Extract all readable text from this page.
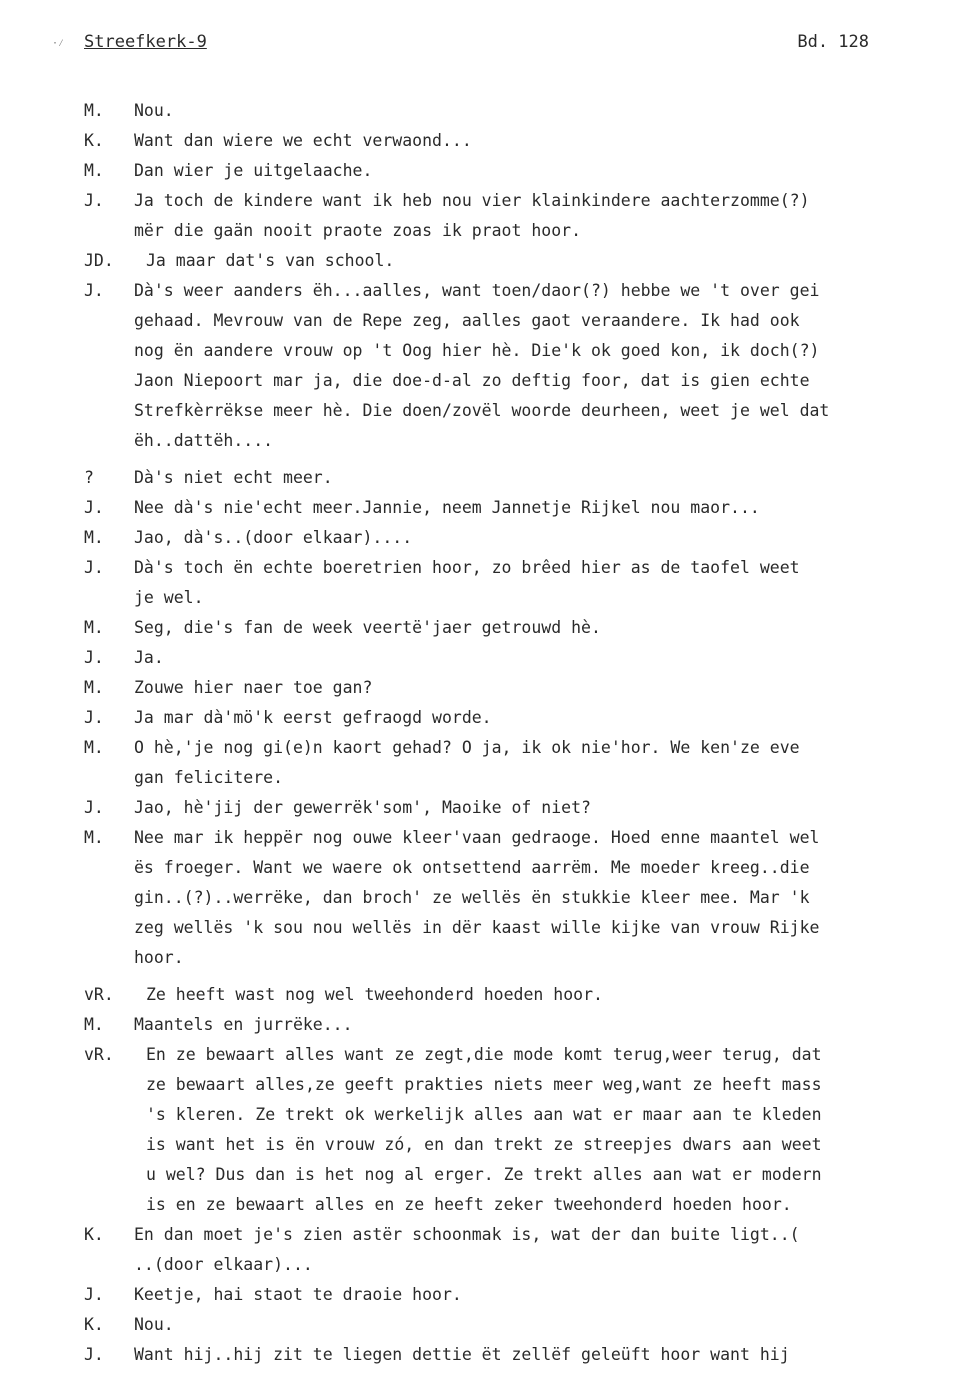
·⁄ Streefkerk-9	Bd. 128
M. Nou.
K. Want dan wiere we echt verwaond...
M. Dan wier je uitgelaache.
J. Ja toch de kindere want ik heb nou vier klainkindere aachterzomme(?)
mër die gaän nooit praote zoas ik praot hoor.
JD. Ja maar dat's van school.
J. Dà's weer aanders ëh...aalles, want toen/daor(?) hebbe we 't over gei
gehaad. Mevrouw van de Repe zeg, aalles gaot veraandere. Ik had ook
nog ën aandere vrouw op 't Oog hier hè. Die'k ok goed kon, ik doch(?)
Jaon Niepoort mar ja, die doe-d-al zo deftig foor, dat is gien echte
Strefkèrrëkse meer hè. Die doen/zovël woorde deurheen, weet je wel dat
ëh..dattëh....
? Dà's niet echt meer.
J. Nee dà's nie'echt meer.Jannie, neem Jannetje Rijkel nou maor...
M. Jao, dà's..(door elkaar)....
J. Dà's toch ën echte boeretrien hoor, zo brêed hier as de taofel weet
je wel.
M. Seg, die's fan de week veertë'jaer getrouwd hè.
J. Ja.
M. Zouwe hier naer toe gan?
J. Ja mar dà'mö'k eerst gefraogd worde.
M. O hè,'je nog gi(e)n kaort gehad? O ja, ik ok nie'hor. We ken'ze eve
gan felicitere.
J. Jao, hè'jij der gewerrëk'som', Maoike of niet?
M. Nee mar ik heppër nog ouwe kleer'vaan gedraoge. Hoed enne maantel wel
ës froeger. Want we waere ok ontsettend aarrëm. Me moeder kreeg..die
gin..(?)..werrëke, dan broch' ze wellës ën stukkie kleer mee. Mar 'k
zeg wellës 'k sou nou wellës in dër kaast wille kijke van vrouw Rijke
hoor.
vR. Ze heeft wast nog wel tweehonderd hoeden hoor.
M. Maantels en jurrëke...
vR. En ze bewaart alles want ze zegt,die mode komt terug,weer terug, dat
ze bewaart alles,ze geeft prakties niets meer weg,want ze heeft mass
's kleren. Ze trekt ok werkelijk alles aan wat er maar aan te kleden
is want het is ën vrouw zó, en dan trekt ze streepjes dwars aan weet
u wel? Dus dan is het nog al erger. Ze trekt alles aan wat er modern
is en ze bewaart alles en ze heeft zeker tweehonderd hoeden hoor.
K. En dan moet je's zien astër schoonmak is, wat der dan buite ligt..(
..(door elkaar)...
J. Keetje, hai staot te draoie hoor.
K. Nou.
J. Want hij..hij zit te liegen dettie ët zellëf geleüft hoor want hij
